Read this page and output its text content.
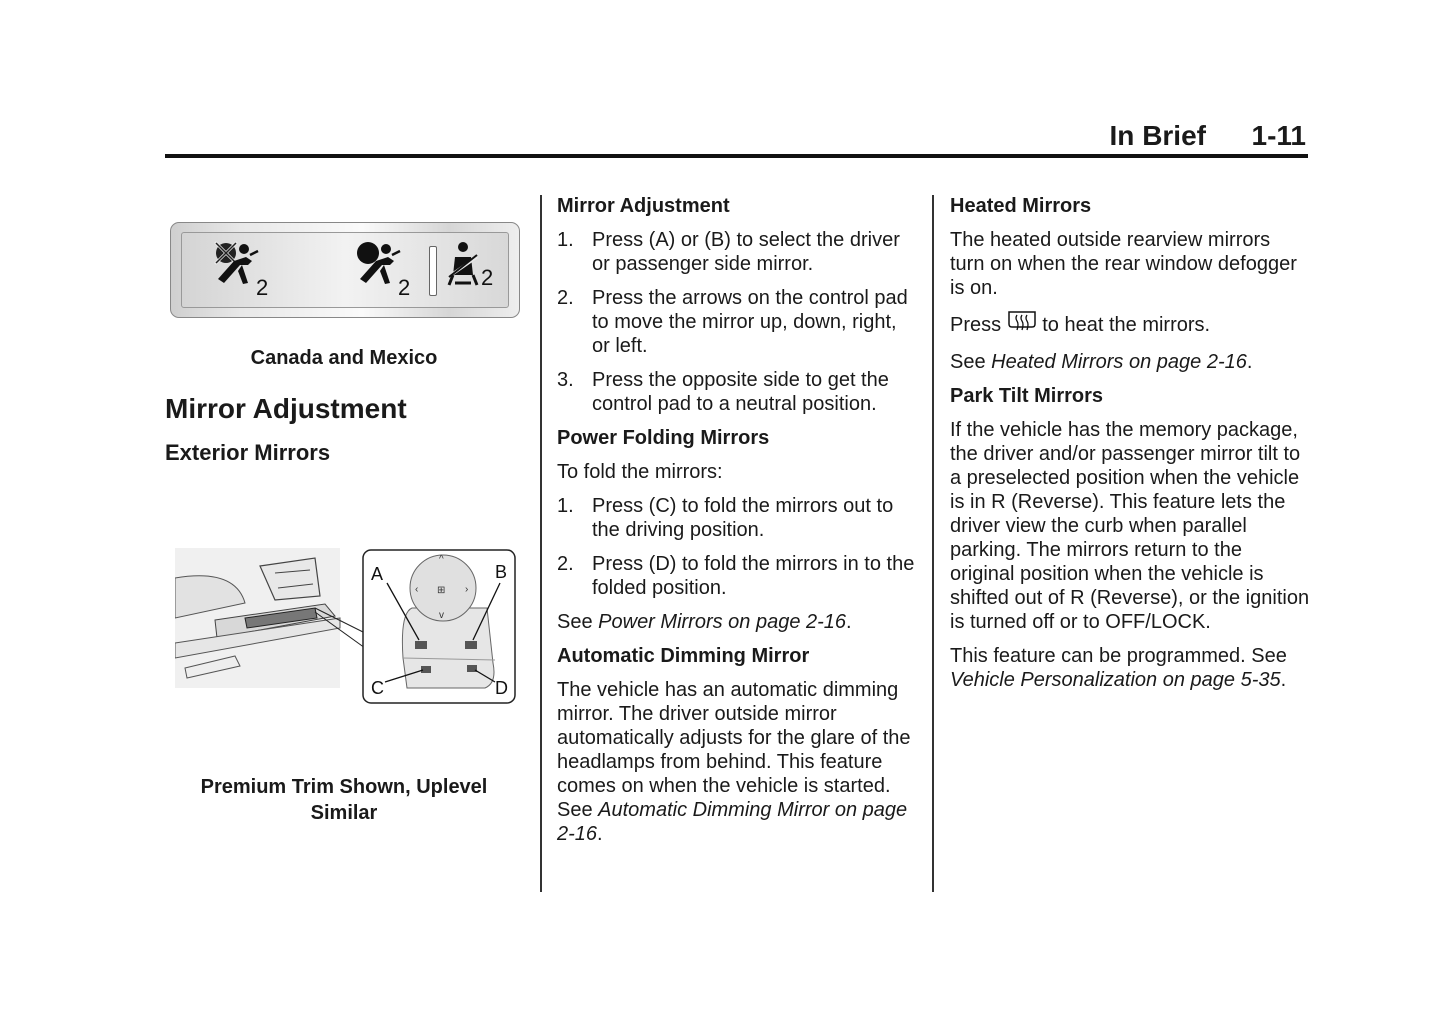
In Brief 1-11
2	2	2
Canada and Mexico
Mirror Adjustment
Exterior Mirrors
⊞
^
v
‹	›
A	B
C	D
Premium Trim Shown, Uplevel
Similar
Mirror Adjustment
1. Press (A) or (B) to select the driver or passenger side mirror.
2. Press the arrows on the control pad to move the mirror up, down, right, or left.
3. Press the opposite side to get the control pad to a neutral position.
Power Folding Mirrors

To fold the mirrors:

1. Press (C) to fold the mirrors out to the driving position.
2. Press (D) to fold the mirrors in to the folded position.

See Power Mirrors on page 2-16.

Automatic Dimming Mirror

The vehicle has an automatic dimming mirror. The driver outside mirror automatically adjusts for the glare of the headlamps from behind. This feature comes on when the vehicle is started. See Automatic Dimming Mirror on page 2-16.

Heated Mirrors

The heated outside rearview mirrors turn on when the rear window defogger is on.

Press to heat the mirrors.

See Heated Mirrors on page 2-16.

Park Tilt Mirrors

If the vehicle has the memory package, the driver and/or passenger mirror tilt to a preselected position when the vehicle is in R (Reverse). This feature lets the driver view the curb when parallel parking. The mirrors return to the original position when the vehicle is shifted out of R (Reverse), or the ignition is turned off or to OFF/LOCK.

This feature can be programmed. See Vehicle Personalization on page 5-35.
